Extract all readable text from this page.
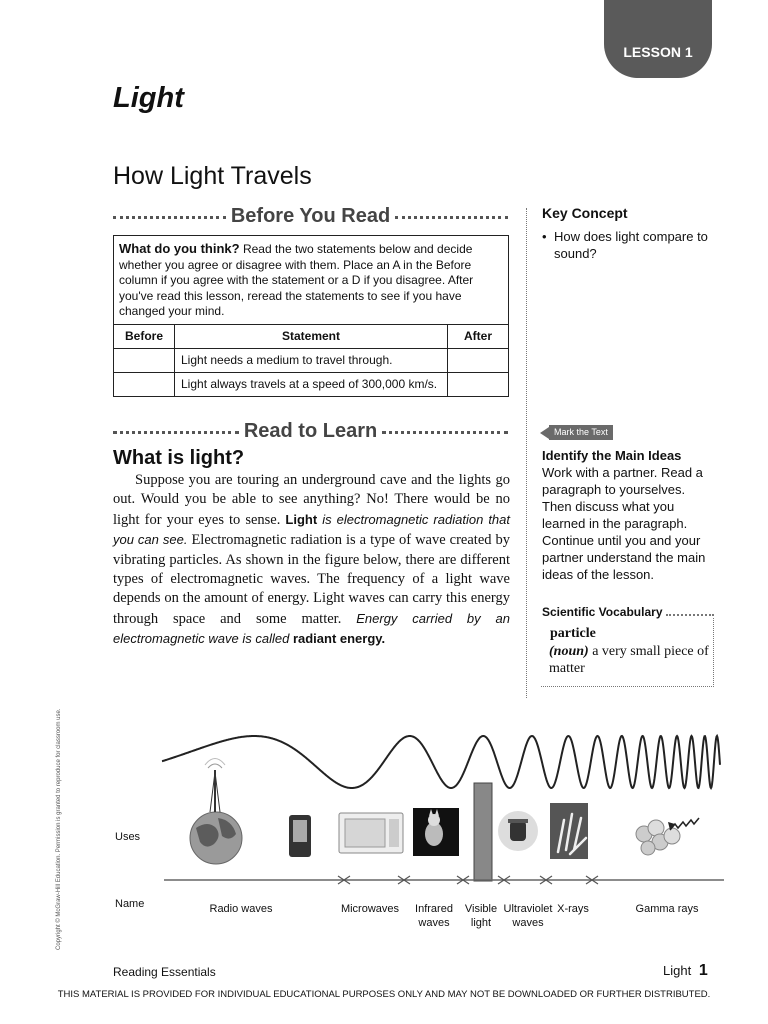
LESSON 1
Light
How Light Travels
Before You Read
What do you think? Read the two statements below and decide whether you agree or disagree with them. Place an A in the Before column if you agree with the statement or a D if you disagree. After you've read this lesson, reread the statements to see if you have changed your mind.
Before	Statement	After
	Light needs a medium to travel through.	
	Light always travels at a speed of 300,000 km/s.	
Key Concept
• How does light compare to sound?
Read to Learn
What is light?
Suppose you are touring an underground cave and the lights go out. Would you be able to see anything? No! There would be no light for your eyes to sense. Light is electromagnetic radiation that you can see. Electromagnetic radiation is a type of wave created by vibrating particles. As shown in the figure below, there are different types of electromagnetic waves. The frequency of a light wave depends on the amount of energy. Light waves can carry this energy through space and some matter. Energy carried by an electromagnetic wave is called radiant energy.
Mark the Text
Identify the Main Ideas Work with a partner. Read a paragraph to yourselves. Then discuss what you learned in the paragraph. Continue until you and your partner understand the main ideas of the lesson.
Scientific Vocabulary
particle
(noun) a very small piece of matter
Copyright © McGraw-Hill Education. Permission is granted to reproduce for classroom use.	Uses
Name	Radio waves	Microwaves	Infrared
waves
Visible
light
Ultraviolet
waves
X-rays	Gamma rays
Reading Essentials	Light 1
THIS MATERIAL IS PROVIDED FOR INDIVIDUAL EDUCATIONAL PURPOSES ONLY AND MAY NOT BE DOWNLOADED OR FURTHER DISTRIBUTED.
